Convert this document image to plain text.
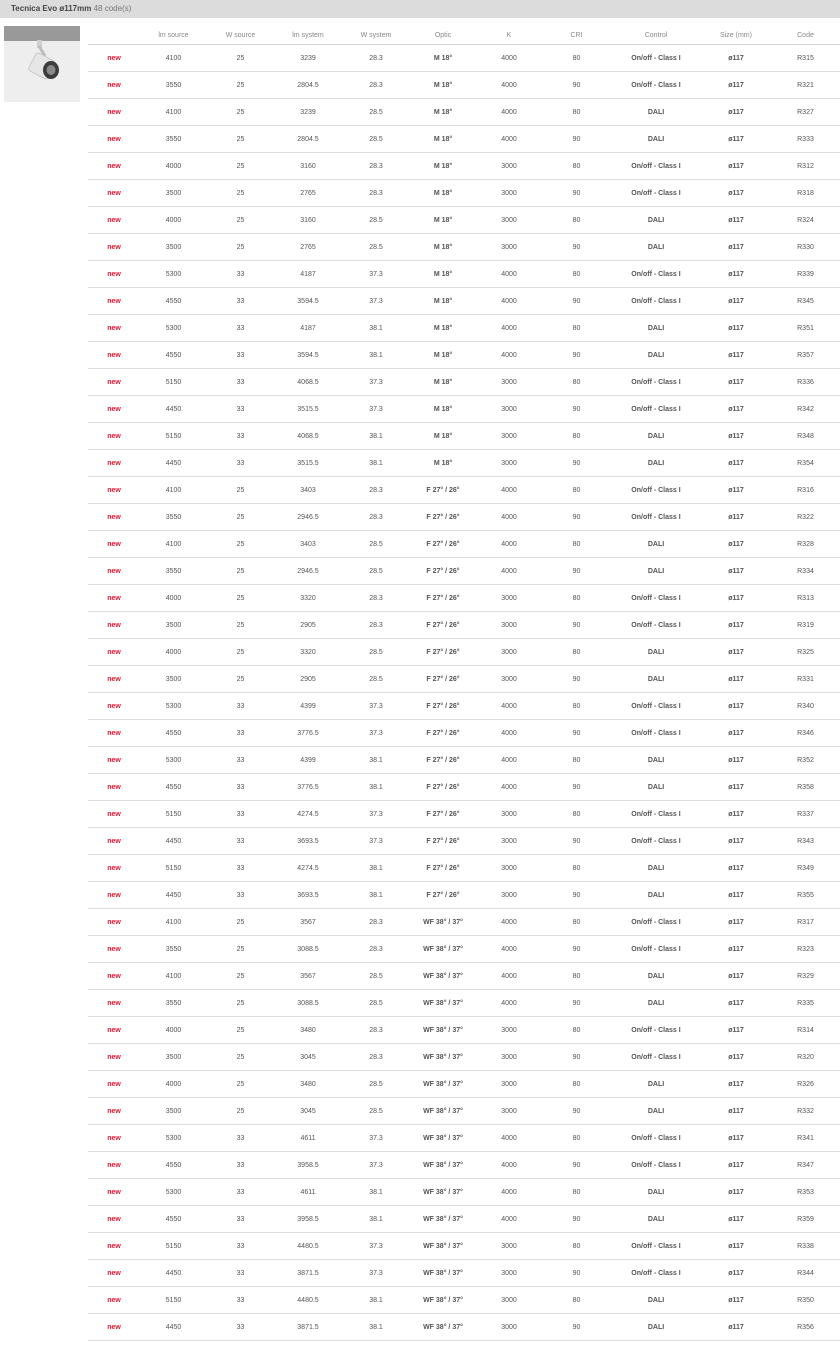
Tecnica Evo ø117mm 48 code(s)
	lm source	W source	lm system	W system	Optic	K	CRI	Control	Size (mm)	Code
new	4100	25	3239	28.3	M 18°	4000	80	On/off - Class I	ø117	R315
new	3550	25	2804.5	28.3	M 18°	4000	90	On/off - Class I	ø117	R321
new	4100	25	3239	28.5	M 18°	4000	80	DALI	ø117	R327
new	3550	25	2804.5	28.5	M 18°	4000	90	DALI	ø117	R333
new	4000	25	3160	28.3	M 18°	3000	80	On/off - Class I	ø117	R312
new	3500	25	2765	28.3	M 18°	3000	90	On/off - Class I	ø117	R318
new	4000	25	3160	28.5	M 18°	3000	80	DALI	ø117	R324
new	3500	25	2765	28.5	M 18°	3000	90	DALI	ø117	R330
new	5300	33	4187	37.3	M 18°	4000	80	On/off - Class I	ø117	R339
new	4550	33	3594.5	37.3	M 18°	4000	90	On/off - Class I	ø117	R345
new	5300	33	4187	38.1	M 18°	4000	80	DALI	ø117	R351
new	4550	33	3594.5	38.1	M 18°	4000	90	DALI	ø117	R357
new	5150	33	4068.5	37.3	M 18°	3000	80	On/off - Class I	ø117	R336
new	4450	33	3515.5	37.3	M 18°	3000	90	On/off - Class I	ø117	R342
new	5150	33	4068.5	38.1	M 18°	3000	80	DALI	ø117	R348
new	4450	33	3515.5	38.1	M 18°	3000	90	DALI	ø117	R354
new	4100	25	3403	28.3	F 27° / 26°	4000	80	On/off - Class I	ø117	R316
new	3550	25	2946.5	28.3	F 27° / 26°	4000	90	On/off - Class I	ø117	R322
new	4100	25	3403	28.5	F 27° / 26°	4000	80	DALI	ø117	R328
new	3550	25	2946.5	28.5	F 27° / 26°	4000	90	DALI	ø117	R334
new	4000	25	3320	28.3	F 27° / 26°	3000	80	On/off - Class I	ø117	R313
new	3500	25	2905	28.3	F 27° / 26°	3000	90	On/off - Class I	ø117	R319
new	4000	25	3320	28.5	F 27° / 26°	3000	80	DALI	ø117	R325
new	3500	25	2905	28.5	F 27° / 26°	3000	90	DALI	ø117	R331
new	5300	33	4399	37.3	F 27° / 26°	4000	80	On/off - Class I	ø117	R340
new	4550	33	3776.5	37.3	F 27° / 26°	4000	90	On/off - Class I	ø117	R346
new	5300	33	4399	38.1	F 27° / 26°	4000	80	DALI	ø117	R352
new	4550	33	3776.5	38.1	F 27° / 26°	4000	90	DALI	ø117	R358
new	5150	33	4274.5	37.3	F 27° / 26°	3000	80	On/off - Class I	ø117	R337
new	4450	33	3693.5	37.3	F 27° / 26°	3000	90	On/off - Class I	ø117	R343
new	5150	33	4274.5	38.1	F 27° / 26°	3000	80	DALI	ø117	R349
new	4450	33	3693.5	38.1	F 27° / 26°	3000	90	DALI	ø117	R355
new	4100	25	3567	28.3	WF 38° / 37°	4000	80	On/off - Class I	ø117	R317
new	3550	25	3088.5	28.3	WF 38° / 37°	4000	90	On/off - Class I	ø117	R323
new	4100	25	3567	28.5	WF 38° / 37°	4000	80	DALI	ø117	R329
new	3550	25	3088.5	28.5	WF 38° / 37°	4000	90	DALI	ø117	R335
new	4000	25	3480	28.3	WF 38° / 37°	3000	80	On/off - Class I	ø117	R314
new	3500	25	3045	28.3	WF 38° / 37°	3000	90	On/off - Class I	ø117	R320
new	4000	25	3480	28.5	WF 38° / 37°	3000	80	DALI	ø117	R326
new	3500	25	3045	28.5	WF 38° / 37°	3000	90	DALI	ø117	R332
new	5300	33	4611	37.3	WF 38° / 37°	4000	80	On/off - Class I	ø117	R341
new	4550	33	3958.5	37.3	WF 38° / 37°	4000	90	On/off - Class I	ø117	R347
new	5300	33	4611	38.1	WF 38° / 37°	4000	80	DALI	ø117	R353
new	4550	33	3958.5	38.1	WF 38° / 37°	4000	90	DALI	ø117	R359
new	5150	33	4480.5	37.3	WF 38° / 37°	3000	80	On/off - Class I	ø117	R338
new	4450	33	3871.5	37.3	WF 38° / 37°	3000	90	On/off - Class I	ø117	R344
new	5150	33	4480.5	38.1	WF 38° / 37°	3000	80	DALI	ø117	R350
new	4450	33	3871.5	38.1	WF 38° / 37°	3000	90	DALI	ø117	R356
